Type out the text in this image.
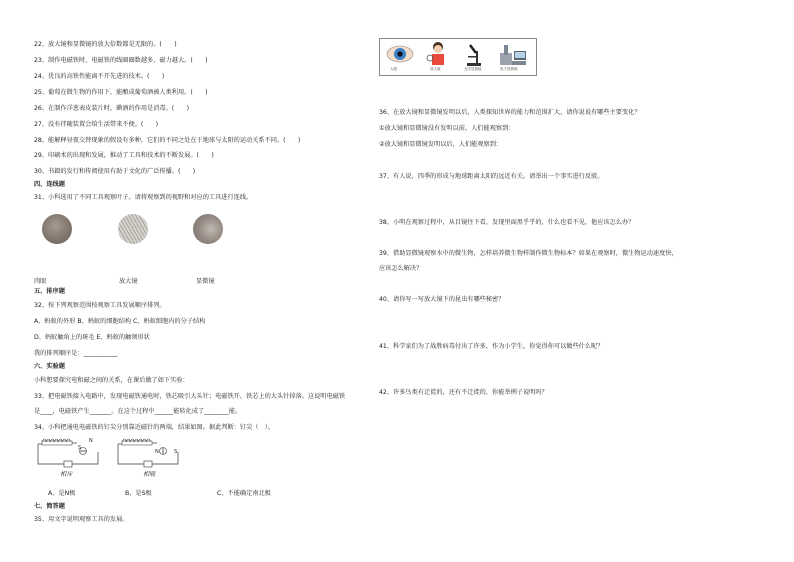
22、放大镜和显微镜的放大倍数都是无限的。(　　)
23、制作电磁铁时，电磁铁的线圈圈数越多，磁力越大。(　　)
24、优良的高铁性能离不开先进的技术。(　　)
25、葡萄在微生物的作用下，能酿成葡萄酒被人类利用。(　　)
26、在制作洋葱表皮装片时，碘酒的作用是消毒。(　　)
27、没有伴随装置会给生活带来不便。(　　)
28、能解释昼夜交替现象的假设有多种，它们的不同之处在于地球与太阳的运动关系不同。(　　)
29、印刷术的出现和发展，推动了工具和技术的不断发展。(　　)
30、书籍的发行和传阅使用有助于文化的广泛传播。(　　)
四、连线题
31、小科选用了不同工具观察叶子。请将观察到的视野和对应的工具进行连线。
肉眼	放大镜	显微镜
五、排序题
32、按下列观察范围按观察工具发展顺序排列。
A、蚂蚁的外形 B、蚂蚁的细胞结构 C、蚂蚁细胞内的分子结构
D、蚂蚁触角上的斑毛 E、蚂蚁的触须形状
我的排列顺序是：___________
六、实验题
小科想要探究电和磁之间的关系，在课后做了如下实验：
33、把电磁铁接入电路中，发现电磁铁通电时，铁芯吸引大头针；电磁铁开，铁芯上的大头针掉落。这说明电磁铁
是____，电磁铁产生_______。在这个过程中______能转化成了________能。
34、小科把通电电磁铁的钉尖分别靠近磁针的两端，结果如图。据此判断：钉尖（　）。
N
S
相斥
N	S
相吸
A、是N极	B、是S极	C、不能确定南北极
七、简答题
35、用文字说明观察工具的发展。
人眼	放大镜	光学显微镜	电子显微镜
36、在放大镜和显微镜发明以后，人类探知世界的能力和范围扩大，请你说说有哪些主要变化？
①放大镜和显微镜没有发明以前，人们能观察到：
②放大镜和显微镜发明以后，人们能观察到：
37、有人说，四季的形成与地球距离太阳的远近有关。请举出一个事实进行反驳。
38、小明在观察过程中，从目镜往下看，发现里面黑乎乎的，什么也看不见，他应该怎么办？
39、借助显微镜观察水中的微生物，怎样培养微生物样制作微生物标本？如果在观察时，微生物运动速度快，
应该怎么解决？
40、请你写一写放大镜下的昆虫有哪些秘密？
41、科学家们为了战胜病毒付出了许多，作为小学生，你觉得你可以做些什么呢？
42、许多鸟类有迁徙的，还有不迁徙的，你能举例子说明吗？
